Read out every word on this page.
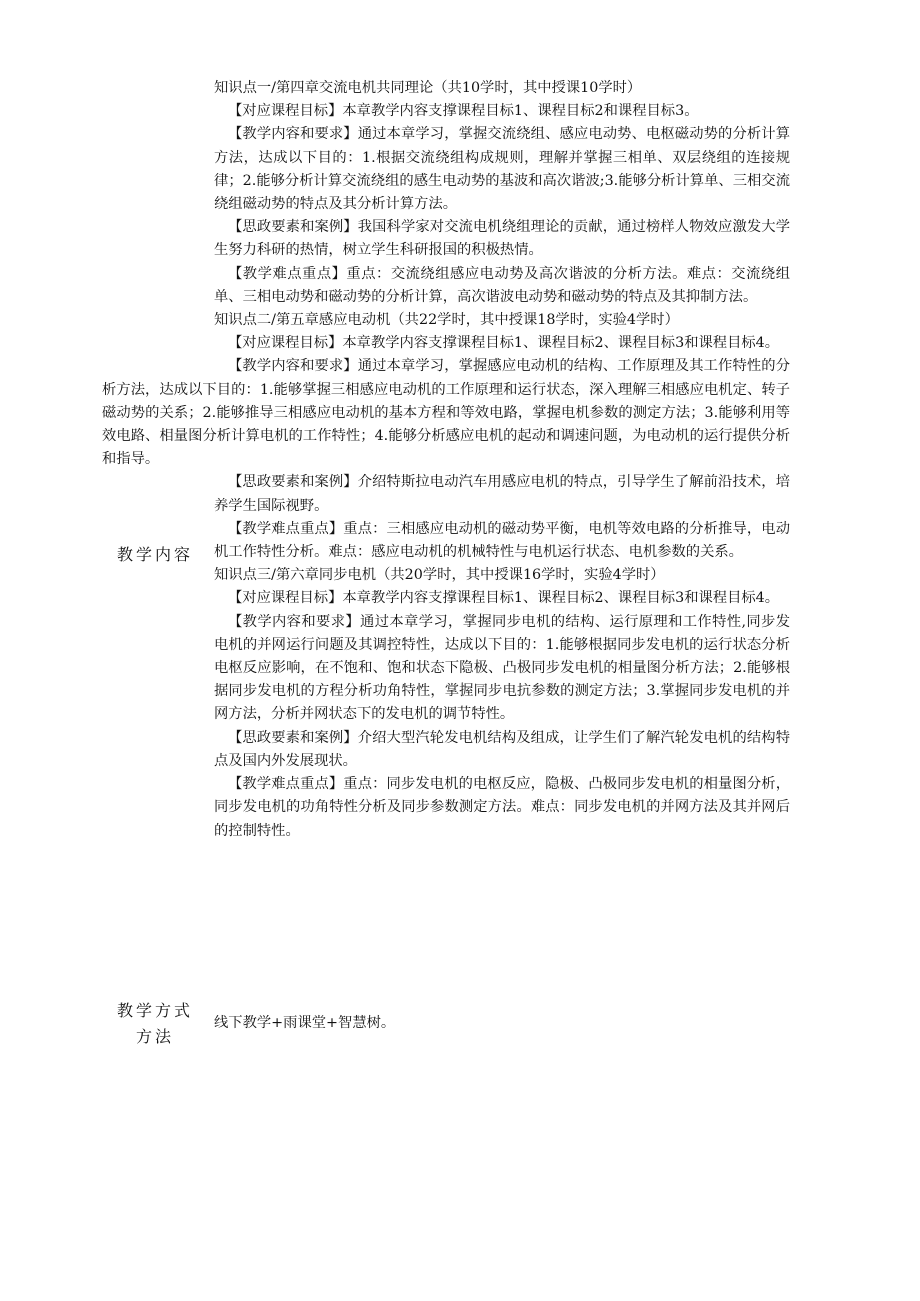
教学内容
教学方式
方法

知识点一/第四章交流电机共同理论（共10学时，其中授课10学时）

【对应课程目标】本章教学内容支撑课程目标1、课程目标2和课程目标3。

【教学内容和要求】通过本章学习，掌握交流绕组、感应电动势、电枢磁动势的分析计算方法，达成以下目的：1.根据交流绕组构成规则，理解并掌握三相单、双层绕组的连接规律；2.能够分析计算交流绕组的感生电动势的基波和高次谐波;3.能够分析计算单、三相交流绕组磁动势的特点及其分析计算方法。

【思政要素和案例】我国科学家对交流电机绕组理论的贡献，通过榜样人物效应激发大学生努力科研的热情，树立学生科研报国的积极热情。

【教学难点重点】重点：交流绕组感应电动势及高次谐波的分析方法。难点：交流绕组单、三相电动势和磁动势的分析计算，高次谐波电动势和磁动势的特点及其抑制方法。

知识点二/第五章感应电动机（共22学时，其中授课18学时，实验4学时）

【对应课程目标】本章教学内容支撑课程目标1、课程目标2、课程目标3和课程目标4。

【教学内容和要求】通过本章学习，掌握感应电动机的结构、工作原理及其工作特性的分析方法，达成以下目的：1.能够掌握三相感应电动机的工作原理和运行状态，深入理解三相感应电机定、转子磁动势的关系；2.能够推导三相感应电动机的基本方程和等效电路，掌握电机参数的测定方法；3.能够利用等效电路、相量图分析计算电机的工作特性；4.能够分析感应电机的起动和调速问题，为电动机的运行提供分析和指导。

【思政要素和案例】介绍特斯拉电动汽车用感应电机的特点，引导学生了解前沿技术，培养学生国际视野。

【教学难点重点】重点：三相感应电动机的磁动势平衡，电机等效电路的分析推导，电动机工作特性分析。难点：感应电动机的机械特性与电机运行状态、电机参数的关系。

知识点三/第六章同步电机（共20学时，其中授课16学时，实验4学时）

【对应课程目标】本章教学内容支撑课程目标1、课程目标2、课程目标3和课程目标4。

【教学内容和要求】通过本章学习，掌握同步电机的结构、运行原理和工作特性,同步发电机的并网运行问题及其调控特性，达成以下目的：1.能够根据同步发电机的运行状态分析电枢反应影响，在不饱和、饱和状态下隐极、凸极同步发电机的相量图分析方法；2.能够根据同步发电机的方程分析功角特性，掌握同步电抗参数的测定方法；3.掌握同步发电机的并网方法，分析并网状态下的发电机的调节特性。

【思政要素和案例】介绍大型汽轮发电机结构及组成，让学生们了解汽轮发电机的结构特点及国内外发展现状。

【教学难点重点】重点：同步发电机的电枢反应，隐极、凸极同步发电机的相量图分析，同步发电机的功角特性分析及同步参数测定方法。难点：同步发电机的并网方法及其并网后的控制特性。

线下教学+雨课堂+智慧树。
